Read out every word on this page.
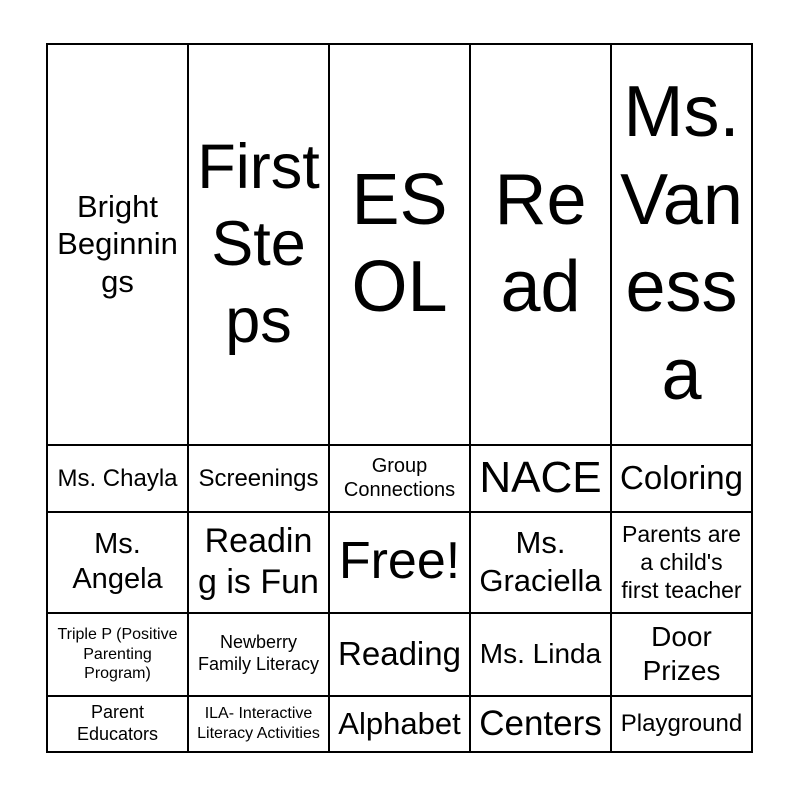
Bright Beginnings	First Steps	ESOL	Read	Ms. Vanessa

Ms. Chayla	Screenings	Group Connections	NACE	Coloring

Ms. Angela	Reading is Fun	Free!	Ms. Graciella	Parents are a child's first teacher

Triple P (Positive Parenting Program)	Newberry Family Literacy	Reading	Ms. Linda	Door Prizes

Parent Educators	ILA- Interactive Literacy Activities	Alphabet	Centers	Playground
